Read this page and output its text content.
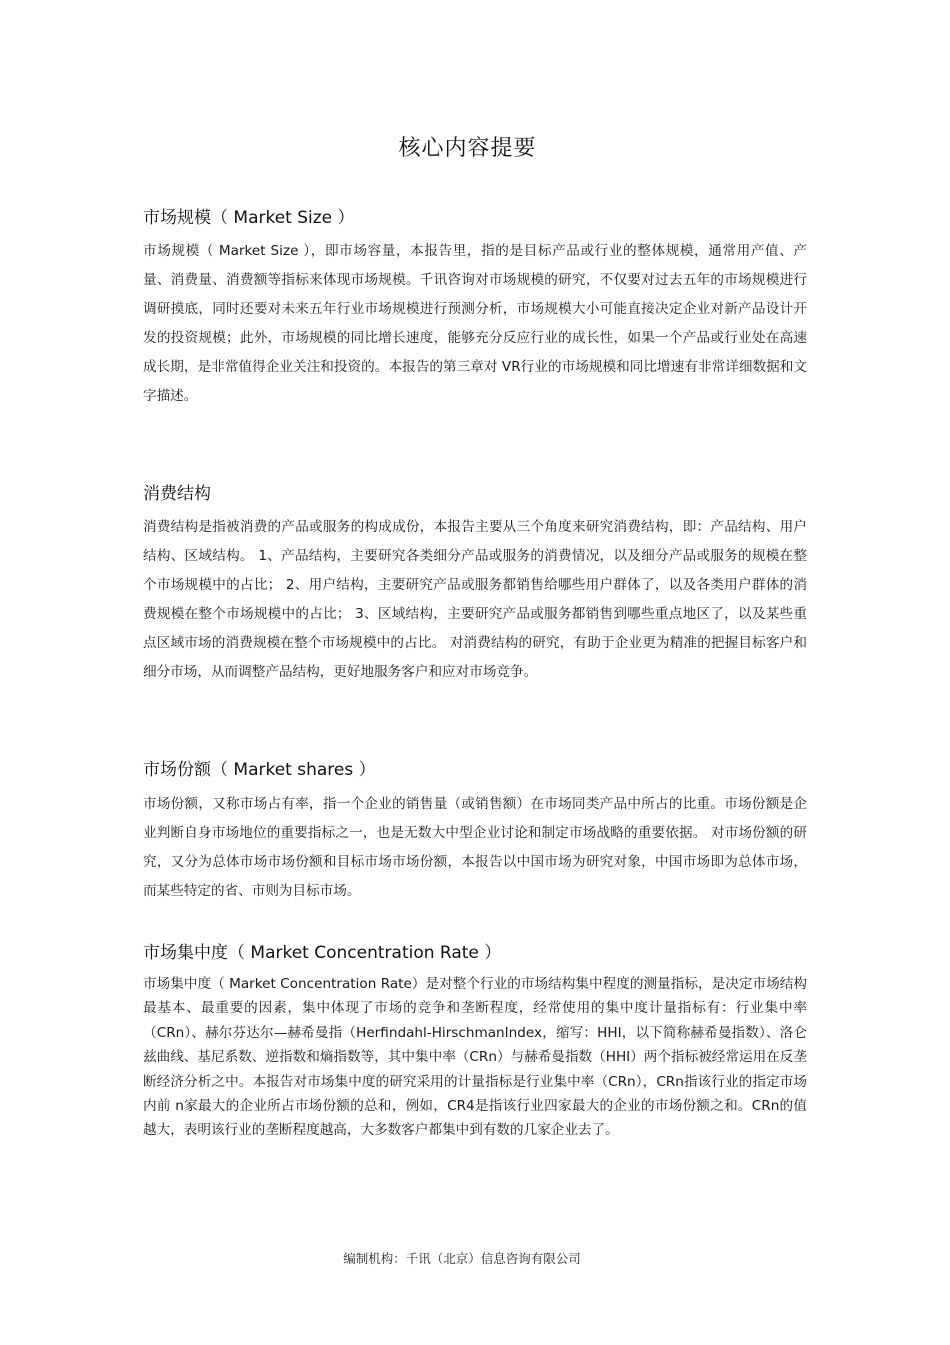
核心内容提要
市场规模（ Market Size ）

市场规模（ Market Size ），即市场容量，本报告里，指的是目标产品或行业的整体规模，通常用产值、产量、消费量、消费额等指标来体现市场规模。千讯咨询对市场规模的研究，不仅要对过去五年的市场规模进行调研摸底，同时还要对未来五年行业市场规模进行预测分析，市场规模大小可能直接决定企业对新产品设计开发的投资规模；此外，市场规模的同比增长速度，能够充分反应行业的成长性，如果一个产品或行业处在高速成长期，是非常值得企业关注和投资的。本报告的第三章对 VR行业的市场规模和同比增速有非常详细数据和文字描述。

消费结构

消费结构是指被消费的产品或服务的构成成份，本报告主要从三个角度来研究消费结构，即：产品结构、用户结构、区域结构。 1、产品结构，主要研究各类细分产品或服务的消费情况，以及细分产品或服务的规模在整个市场规模中的占比； 2、用户结构，主要研究产品或服务都销售给哪些用户群体了，以及各类用户群体的消费规模在整个市场规模中的占比； 3、区域结构，主要研究产品或服务都销售到哪些重点地区了，以及某些重点区域市场的消费规模在整个市场规模中的占比。 对消费结构的研究，有助于企业更为精准的把握目标客户和细分市场，从而调整产品结构，更好地服务客户和应对市场竞争。

市场份额（ Market shares ）

市场份额，又称市场占有率，指一个企业的销售量（或销售额）在市场同类产品中所占的比重。市场份额是企业判断自身市场地位的重要指标之一，也是无数大中型企业讨论和制定市场战略的重要依据。 对市场份额的研究，又分为总体市场市场份额和目标市场市场份额，本报告以中国市场为研究对象，中国市场即为总体市场，而某些特定的省、市则为目标市场。

市场集中度（ Market Concentration Rate ）

市场集中度（ Market Concentration Rate）是对整个行业的市场结构集中程度的测量指标，是决定市场结构最基本、最重要的因素，集中体现了市场的竞争和垄断程度，经常使用的集中度计量指标有：行业集中率（CRn）、赫尔芬达尔—赫希曼指（Herfindahl-HirschmanIndex，缩写：HHI，以下简称赫希曼指数）、洛仑兹曲线、基尼系数、逆指数和熵指数等，其中集中率（CRn）与赫希曼指数（HHI）两个指标被经常运用在反垄断经济分析之中。本报告对市场集中度的研究采用的计量指标是行业集中率（CRn），CRn指该行业的指定市场内前 n家最大的企业所占市场份额的总和，例如，CR4是指该行业四家最大的企业的市场份额之和。CRn的值越大，表明该行业的垄断程度越高，大多数客户都集中到有数的几家企业去了。

编制机构：千讯（北京）信息咨询有限公司
